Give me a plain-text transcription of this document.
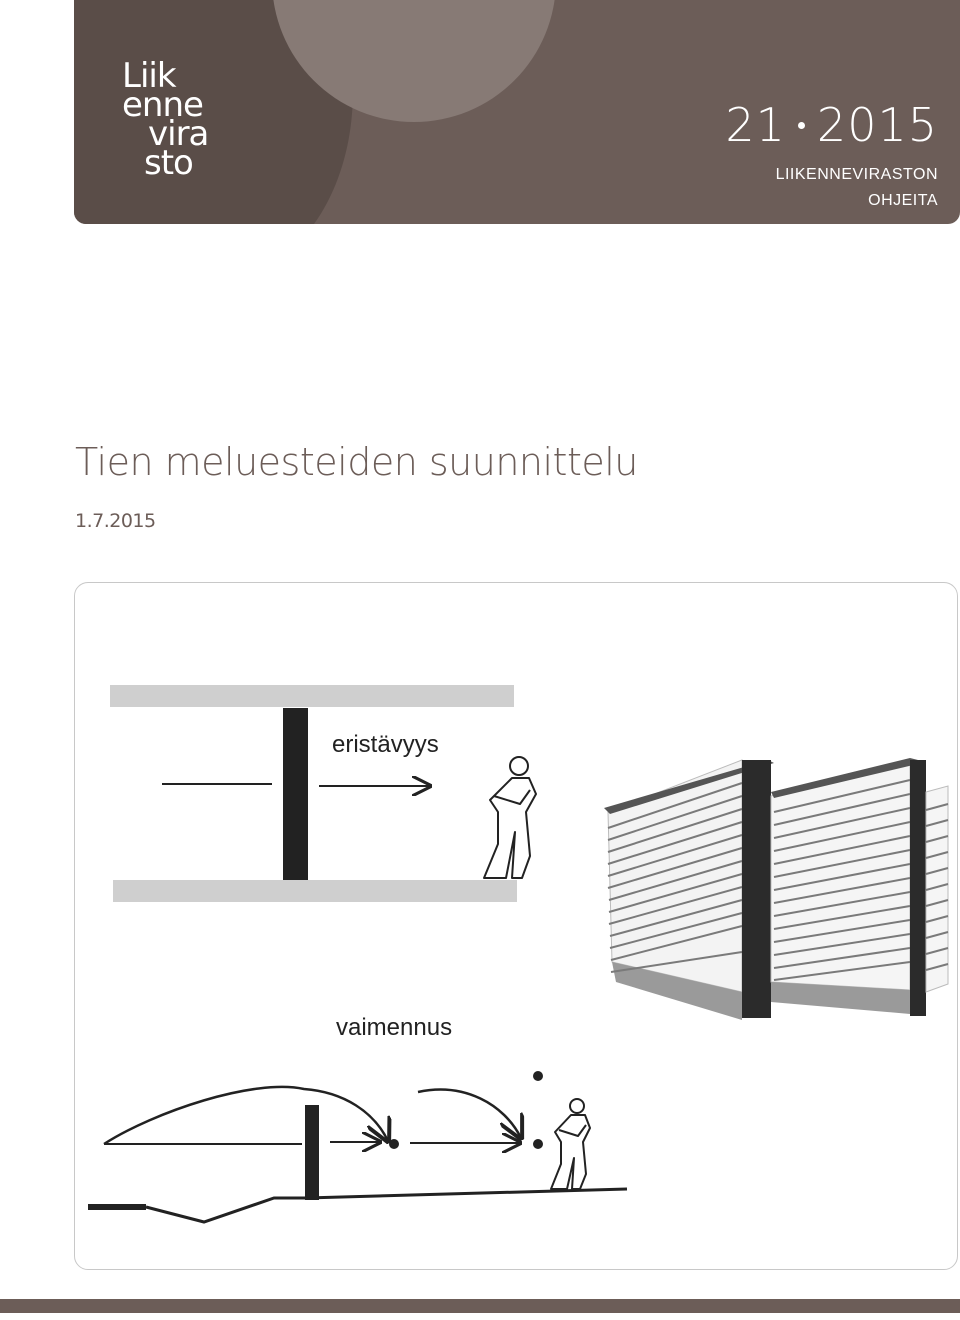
Liik
enne
vira
sto
21 2015
LIIKENNEVIRASTON
OHJEITA
Tien meluesteiden suunnittelu
1.7.2015
eristävyys
vaimennus
